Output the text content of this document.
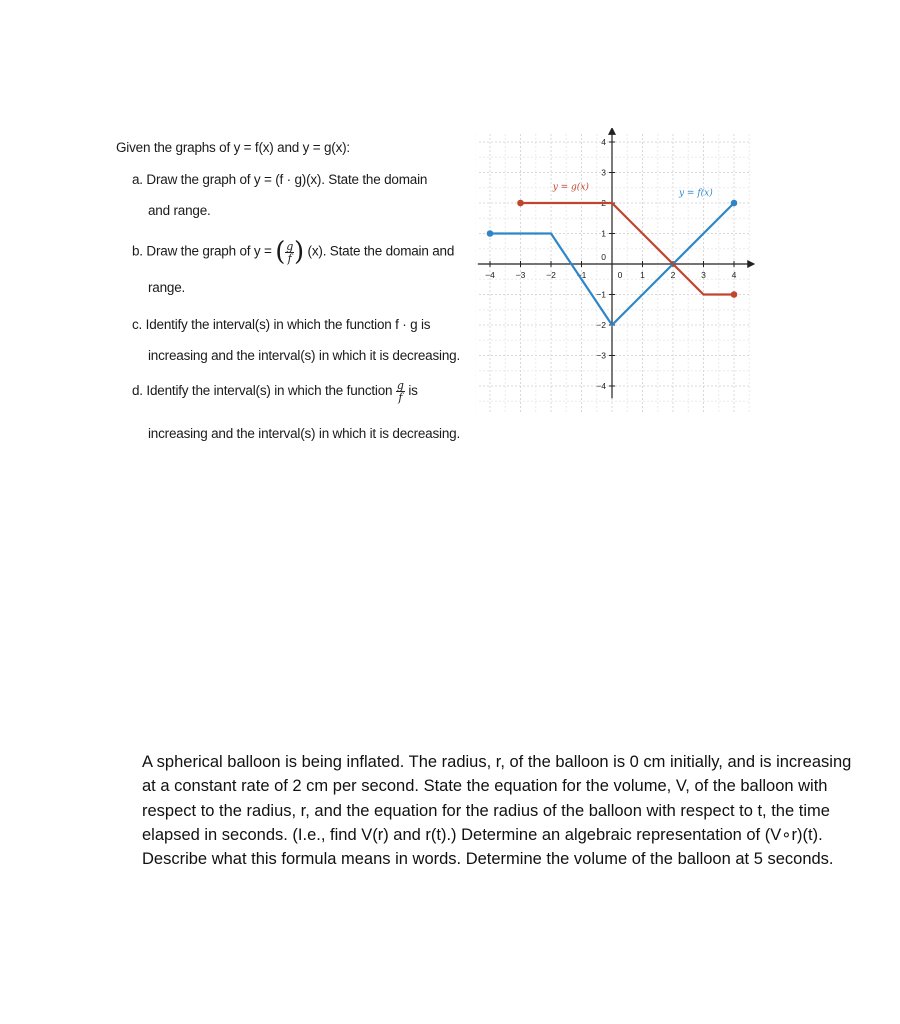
Given the graphs of y = f(x) and y = g(x):
a. Draw the graph of y = (f · g)(x). State the domain
and range.
b. Draw the graph of y = ( $\frac{g}{f}$ ) (x). State the domain and
range.
c. Identify the interval(s) in which the function f · g is
increasing and the interval(s) in which it is decreasing.
d. Identify the interval(s) in which the function $\frac{g}{f}$ is
increasing and the interval(s) in which it is decreasing.
−4 −3 −2 −1	0 1	2	3	4
4
3
2
1
0
−1
−2
−3
−4
y = g(x)
y = f(x)
A spherical balloon is being inflated. The radius, r, of the balloon is 0 cm initially, and is increasing at a constant rate of 2 cm per second. State the equation for the volume, V, of the balloon with respect to the radius, r, and the equation for the radius of the balloon with respect to t, the time elapsed in seconds. (I.e., find V(r) and r(t).) Determine an algebraic representation of (V∘r)(t). Describe what this formula means in words. Determine the volume of the balloon at 5 seconds.
